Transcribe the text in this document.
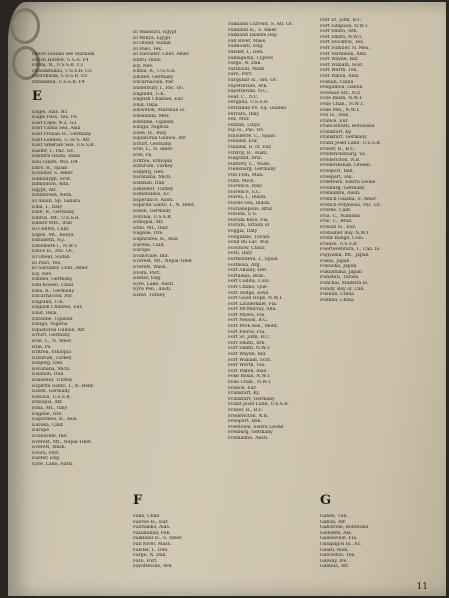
Dutch Guiana see Surinam
Dutch Harbor, U.S.A. F4
Dvina, N., U.S.S.R. C3
Dzaudzhikau, U.S.S.R. G5
Dzerzhinsk, U.S.S.R. D5
Dzhambul, U.S.S.R. F4
E
Eagle, Alas. B5
Eagle Pass, Tex. F6
East Cape, N.Z. G2
East China Sea, Asia
East Frisian Is., Germany
East London, U. of S. Afr.
East Siberian Sea, U.S.S.R.
Easter, I., Pac. Oc.
Eastern Ghats, India
Eau Claire, Wis. D4
Ebro, R., Spain
Ecuador, S. Amer.
Edinburgh, Scot.
Edmonton, Alta.
Egypt, Afr.
Eindhoven, Neth.
El Aaiun, Sp. Sahara
Elba, I., Italy
Elbe, R., Germany
Elbrus, Mt., U.S.S.R.
Elburz Mts., Iran
El Centro, Calif.
Elgon, Mt., Kenya
Elizabeth, N.J.
Ellesmere I., N.W.T.
Ellice Is., Pac. Oc.
El Obeid, Sudan
El Paso, Tex.
El Salvador, Cent. Amer.
Ely, Nev.
Emden, Germany
Emi Koussi, Chad
Ems, R., Germany
Encarnacion, Par.
England, U.K.
English Channel, Eur.
Enid, Okla.
Entebbe, Uganda
Enugu, Nigeria
Equatorial Guinea, Afr.
Erfurt, Germany
Erie, L., N. Amer.
Erie, Pa.
Eritrea, Ethiopia
Erzurum, Turkey
Esbjerg, Den.
Escanaba, Mich.
Esfahan, Iran
Eskisehir, Turkey
Espiritu Santo, I., N. Hebr.
Essen, Germany
Estonia, U.S.S.R.
Ethiopia, Afr.
Etna, Mt., Italy
Eugene, Ore.
Euphrates, R., Asia
Eureka, Calif.
Europe
Evansville, Ind.
Everest, Mt., Nepal-Tibet
Everett, Wash.
Evora, Port.
Exeter, Eng.
Eyre, Lake, Austl.
El Mansura, Egypt
El Minya, Egypt
El Obeid, Sudan
El Paso, Tex.
El Salvador, Cent. Amer.
Eluru, India
Ely, Nev.
Emba, R., U.S.S.R.
Emden, Germany
Encarnacion, Par.
Enderbury I., Pac. Oc.
England, U.K.
English Channel, Eur.
Enid, Okla.
Eniwetok, Marshall Is.
Ensenada, Mex.
Entebbe, Uganda
Enugu, Nigeria
Eolie, Is., Italy
Equatorial Guinea, Afr.
Erfurt, Germany
Erie, L., N. Amer.
Erie, Pa.
Eritrea, Ethiopia
Erzurum, Turkey
Esbjerg, Den.
Escanaba, Mich.
Esfahan, Iran
Eskisehir, Turkey
Esmeraldas, Ec.
Esperance, Austl.
Espiritu Santo, I., N. Hebr.
Essen, Germany
Estonia, U.S.S.R.
Ethiopia, Afr.
Etna, Mt., Italy
Eugene, Ore.
Euphrates, R., Asia
Eureka, Calif.
Europe
Evansville, Ind.
Everest, Mt., Nepal-Tibet
Everett, Wash.
Evora, Port.
Exeter, Eng.
Eyre, Lake, Austl.
Eyre Pen., Austl.
Ezine, Turkey
F
Fada, Chad
Faeroe Is., Eur.
Fairbanks, Alas.
Faisalabad, Pak.
Falkland Is., S. Amer.
Fall River, Mass.
Falster, I., Den.
Fargo, N. Dak.
Faro, Port.
Fayetteville, Ark.
Falkland Current, S. Atl. Oc.
Falkland Is., S. Amer.
Falkland Islands Dep.
Fall River, Mass.
Falmouth, Eng.
Falster, I., Den.
Famagusta, Cyprus
Fargo, N. Dak.
Faribault, Minn.
Faro, Port.
Farquhar Is., Ind. Oc.
Fayetteville, Ark.
Fayetteville, N.C.
Fear, C., N.C.
Fergana, U.S.S.R.
Fernando Po, Eq. Guinea
Ferrara, Italy
Fez, Mor.
Fezzan, Libya
Fiji Is., Pac. Oc.
Finisterre, C., Spain
Finland, Eur.
Finland, G. of, Eur.
Fitzroy, R., Austl.
Flagstaff, Ariz.
Flattery, C., Wash.
Flensburg, Germany
Flin Flon, Man.
Flint, Mich.
Florence, Italy
Florence, S.C.
Flores, I., Indon.
Flores Sea, Indon.
Florianopolis, Braz.
Florida, U.S.
Florida Keys, Fla.
Florida, Straits of
Foggia, Italy
Fongafale, Tuvalu
Fond du Lac, Wis.
Foochow, China
Forli, Italy
Formentera, I., Spain
Formosa, Arg.
Fort Albany, Ont.
Fortaleza, Braz.
Fort Collins, Colo.
Fort Chimo, Que.
Fort Dodge, Iowa
Fort Good Hope, N.W.T.
Fort Lauderdale, Fla.
Fort McMurray, Alta.
Fort Myers, Fla.
Fort Nelson, B.C.
Fort Peck Res., Mont.
Fort Pierce, Fla.
Fort St. John, B.C.
Fort Smith, Ark.
Fort Smith, N.W.T.
Fort Wayne, Ind.
Fort William, Scot.
Fort Worth, Tex.
Fort Yukon, Alas.
Foxe Basin, N.W.T.
Foxe Chan., N.W.T.
France, Eur.
Frankfort, Ky.
Frankfurt, Germany
Franz Josef Land, U.S.S.R.
Fraser, R., B.C.
Fredericton, N.B.
Freeport, Bah.
Freetown, Sierra Leone
Freiburg, Germany
Fremantle, Austl.
Fort St. John, B.C.
Fort Simpson, N.W.T.
Fort Smith, Ark.
Fort Smith, N.W.T.
Fort Stockton, Tex.
Fort Sumner, N. Mex.
Fort Vermilion, Alta.
Fort Wayne, Ind.
Fort William, Scot.
Fort Worth, Tex.
Fort Yukon, Alas.
Foshan, China
Fougamou, Gabon
Foveaux Str., N.Z.
Foxe Basin, N.W.T.
Foxe Chan., N.W.T.
Foxe Pen., N.W.T.
Fox Is., Alas.
France, Eur.
Francistown, Botswana
Frankfort, Ky.
Frankfurt, Germany
Franz Josef Land, U.S.S.R.
Fraser, R., B.C.
Fredericksburg, Va.
Fredericton, N.B.
Frederikshab, Greenl.
Freeport, Bah.
Freeport, Tex.
Freetown, Sierra Leone
Freiburg, Germany
Fremantle, Austl.
French Guiana, S. Amer.
French Polynesia, Pac. Oc.
Fresno, Calif.
Fria, C., Namibia
Frio, C., Braz.
Frisian Is., Eur.
Frobisher Bay, N.W.T.
Front Range, Colo.
Frunze, U.S.S.R.
Fuerteventura, I., Can. Is.
Fujiyama, Mt., Japan
Fukui, Japan
Fukuoka, Japan
Fukushima, Japan
Funafuti, Tuvalu
Funchal, Madeira Is.
Fundy, Bay of, Can.
Fushun, China
Fuzhou, China
G
Gabes, Tun.
Gabon, Afr.
Gaborone, Botswana
Gadsden, Ala.
Gainesville, Fla.
Galapagos Is., Ec.
Galati, Rom.
Galveston, Tex.
Galway, Ire.
Gambia, Afr.
11
